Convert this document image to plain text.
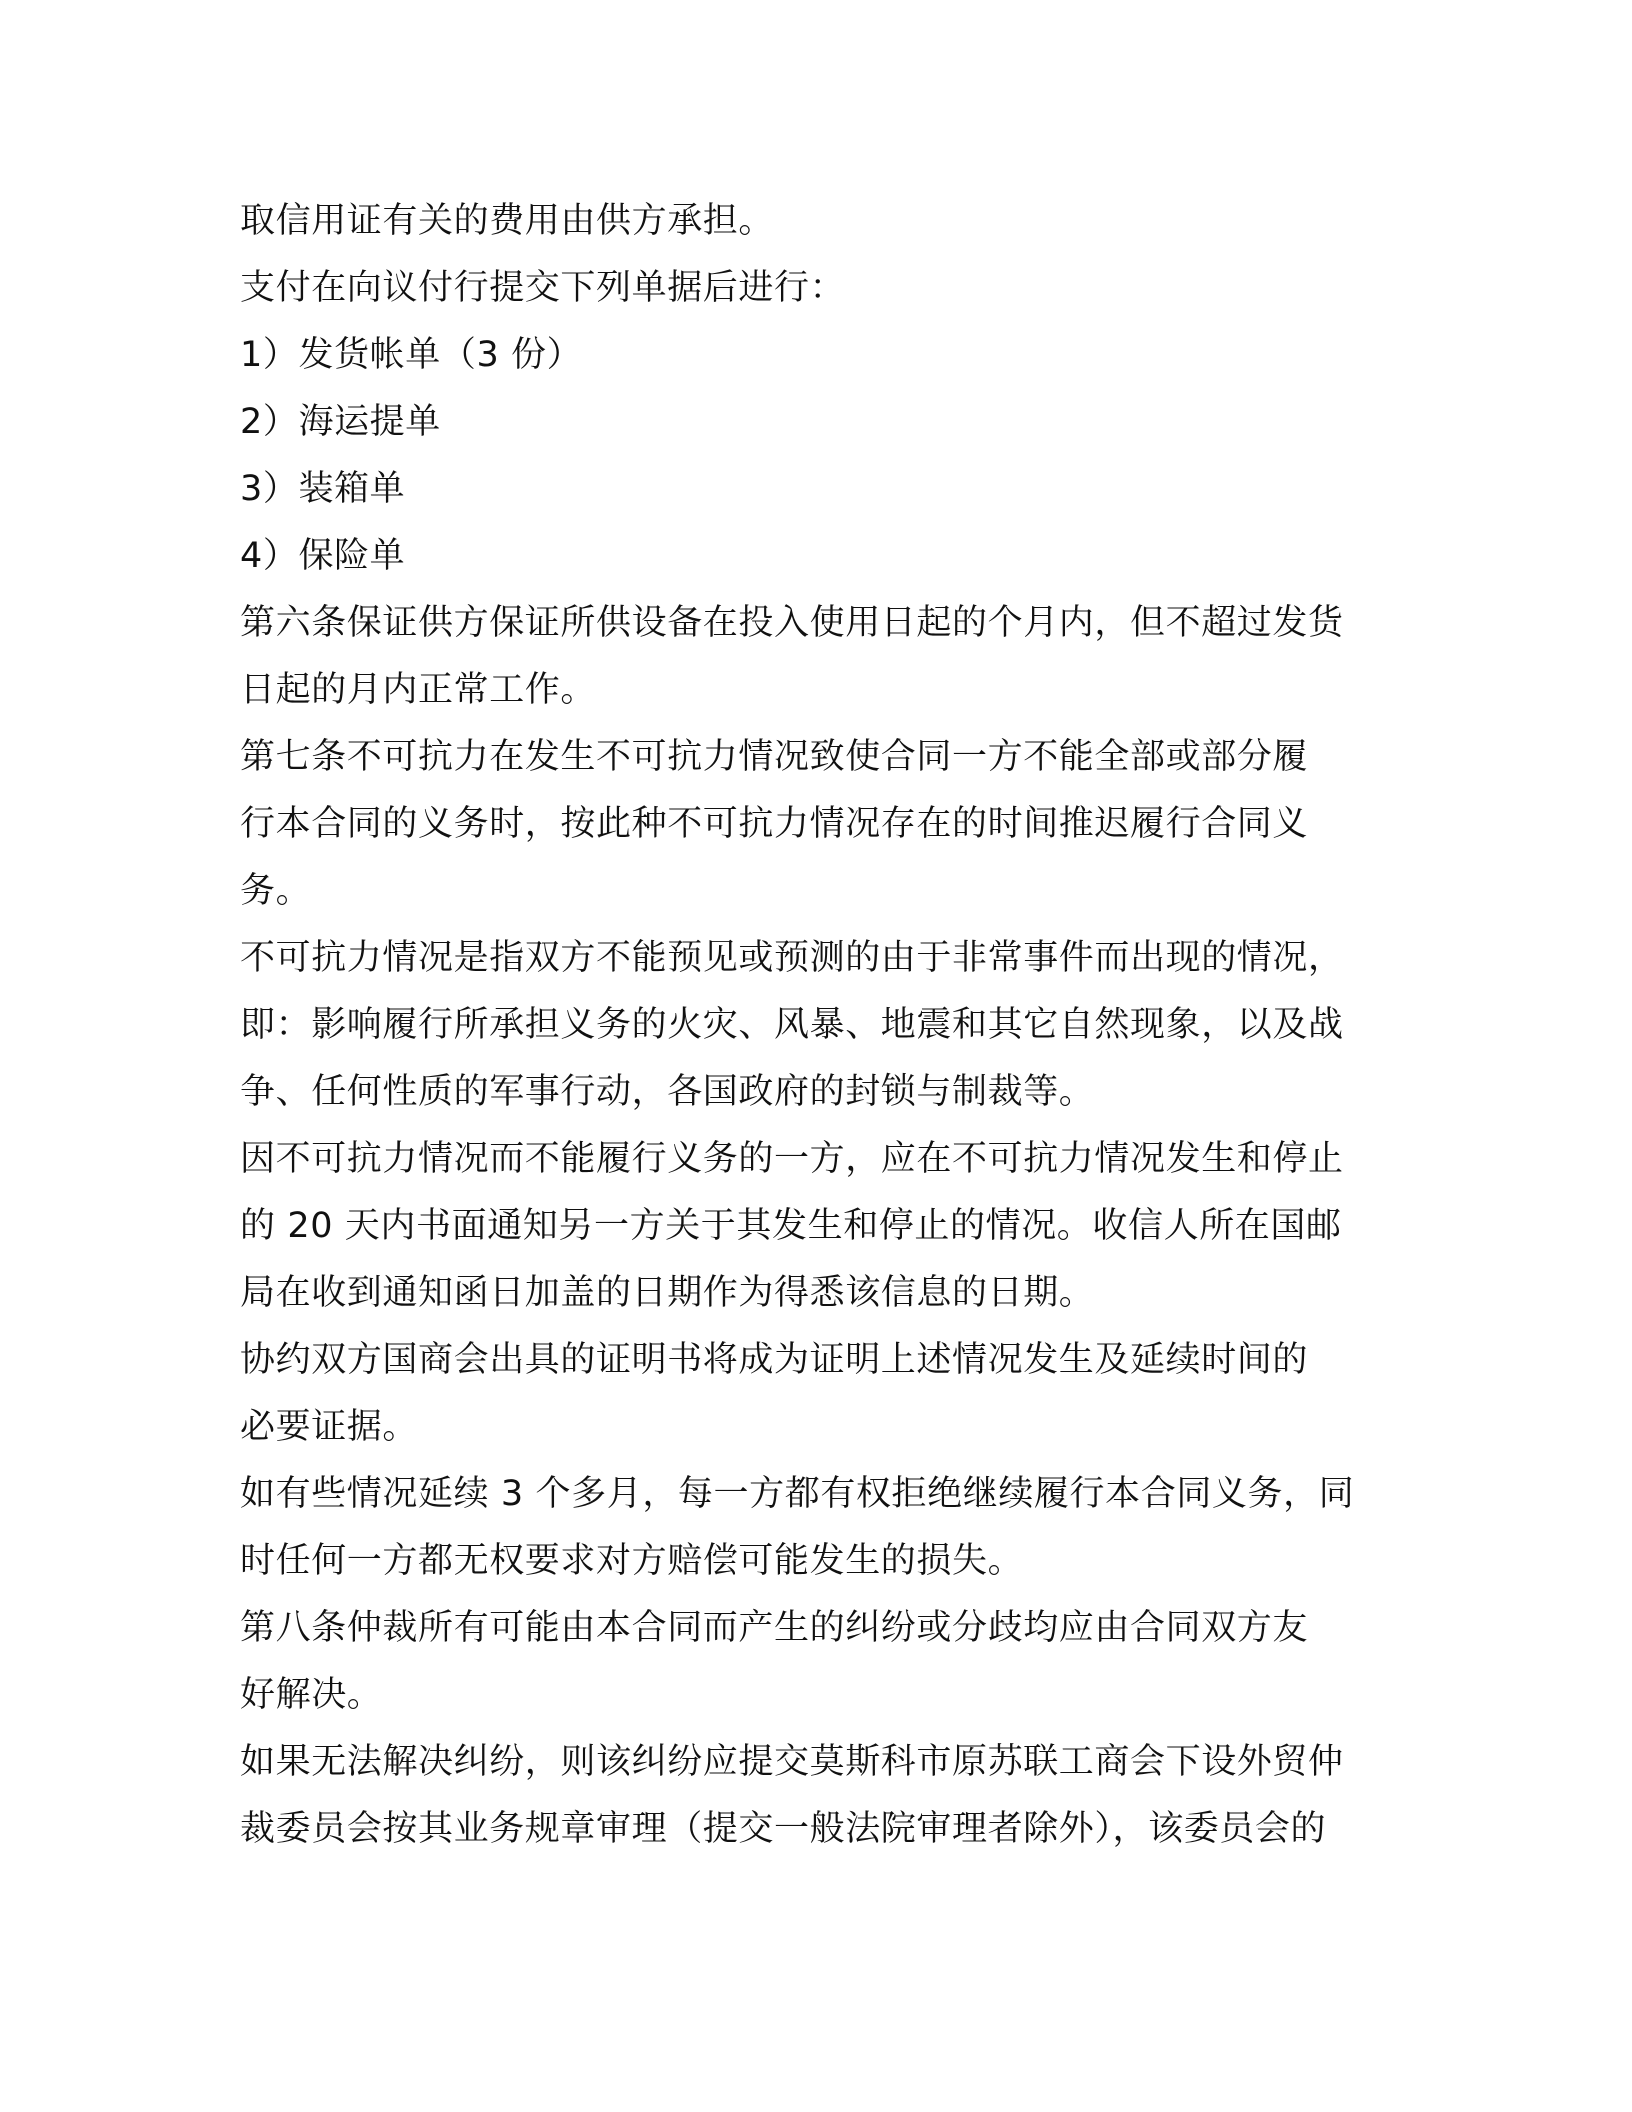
取信用证有关的费用由供方承担。

支付在向议付行提交下列单据后进行：

1）发货帐单（3 份）

2）海运提单

3）装箱单

4）保险单

第六条保证供方保证所供设备在投入使用日起的个月内，但不超过发货

日起的月内正常工作。

第七条不可抗力在发生不可抗力情况致使合同一方不能全部或部分履

行本合同的义务时，按此种不可抗力情况存在的时间推迟履行合同义

务。

不可抗力情况是指双方不能预见或预测的由于非常事件而出现的情况，

即：影响履行所承担义务的火灾、风暴、地震和其它自然现象，以及战

争、任何性质的军事行动，各国政府的封锁与制裁等。

因不可抗力情况而不能履行义务的一方，应在不可抗力情况发生和停止

的 20 天内书面通知另一方关于其发生和停止的情况。收信人所在国邮

局在收到通知函日加盖的日期作为得悉该信息的日期。

协约双方国商会出具的证明书将成为证明上述情况发生及延续时间的

必要证据。

如有些情况延续 3 个多月，每一方都有权拒绝继续履行本合同义务，同

时任何一方都无权要求对方赔偿可能发生的损失。

第八条仲裁所有可能由本合同而产生的纠纷或分歧均应由合同双方友

好解决。

如果无法解决纠纷，则该纠纷应提交莫斯科市原苏联工商会下设外贸仲

裁委员会按其业务规章审理（提交一般法院审理者除外），该委员会的
